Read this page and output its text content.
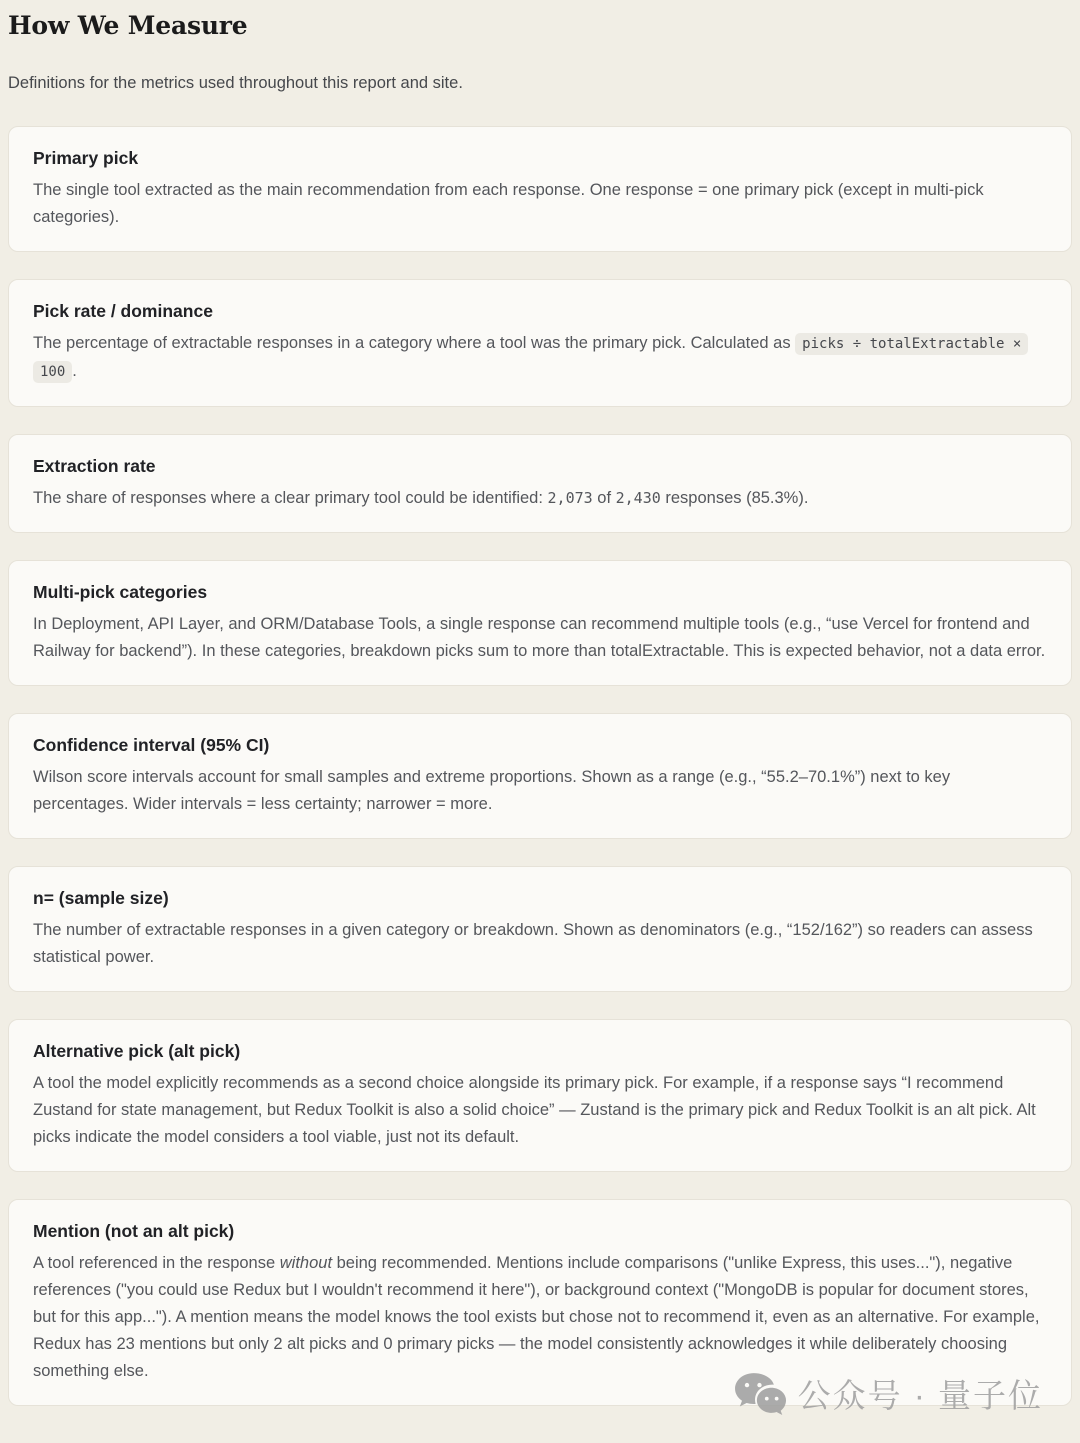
How We Measure

Definitions for the metrics used throughout this report and site.

Primary pick

The single tool extracted as the main recommendation from each response. One response = one primary pick (except in multi-pick categories).

Pick rate / dominance

The percentage of extractable responses in a category where a tool was the primary pick. Calculated as picks ÷ totalExtractable × 100 .

Extraction rate

The share of responses where a clear primary tool could be identified: 2,073 of 2,430 responses (85.3%).

Multi-pick categories

In Deployment, API Layer, and ORM/Database Tools, a single response can recommend multiple tools (e.g., “use Vercel for frontend and Railway for backend”). In these categories, breakdown picks sum to more than totalExtractable. This is expected behavior, not a data error.

Confidence interval (95% CI)

Wilson score intervals account for small samples and extreme proportions. Shown as a range (e.g., “55.2–70.1%”) next to key percentages. Wider intervals = less certainty; narrower = more.

n= (sample size)

The number of extractable responses in a given category or breakdown. Shown as denominators (e.g., “152/162”) so readers can assess statistical power.

Alternative pick (alt pick)

A tool the model explicitly recommends as a second choice alongside its primary pick. For example, if a response says “I recommend Zustand for state management, but Redux Toolkit is also a solid choice” — Zustand is the primary pick and Redux Toolkit is an alt pick. Alt picks indicate the model considers a tool viable, just not its default.

Mention (not an alt pick)

A tool referenced in the response without being recommended. Mentions include comparisons ("unlike Express, this uses..."), negative references ("you could use Redux but I wouldn't recommend it here"), or background context ("MongoDB is popular for document stores, but for this app..."). A mention means the model knows the tool exists but chose not to recommend it, even as an alternative. For example, Redux has 23 mentions but only 2 alt picks and 0 primary picks — the model consistently acknowledges it while deliberately choosing something else.

公众号 · 量子位
